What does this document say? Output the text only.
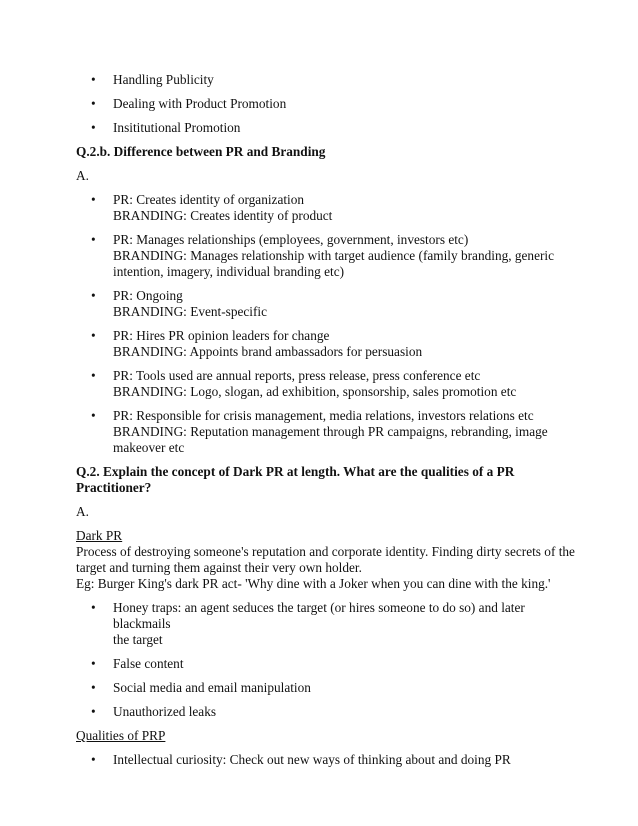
• Handling Publicity
• Dealing with Product Promotion
• Insititutional Promotion
Q.2.b. Difference between PR and Branding
A.
• PR: Creates identity of organization
BRANDING: Creates identity of product
• PR: Manages relationships (employees, government, investors etc)
BRANDING: Manages relationship with target audience (family branding, generic
intention, imagery, individual branding etc)
• PR: Ongoing
BRANDING: Event-specific
• PR: Hires PR opinion leaders for change
BRANDING: Appoints brand ambassadors for persuasion
• PR: Tools used are annual reports, press release, press conference etc
BRANDING: Logo, slogan, ad exhibition, sponsorship, sales promotion etc
• PR: Responsible for crisis management, media relations, investors relations etc
BRANDING: Reputation management through PR campaigns, rebranding, image
makeover etc
Q.2. Explain the concept of Dark PR at length. What are the qualities of a PR Practitioner?
A.
Dark PR
Process of destroying someone's reputation and corporate identity. Finding dirty secrets of the
target and turning them against their very own holder.
Eg: Burger King's dark PR act- 'Why dine with a Joker when you can dine with the king.'
• Honey traps: an agent seduces the target (or hires someone to do so) and later blackmails
the target
• False content
• Social media and email manipulation
• Unauthorized leaks
Qualities of PRP
• Intellectual curiosity: Check out new ways of thinking about and doing PR
